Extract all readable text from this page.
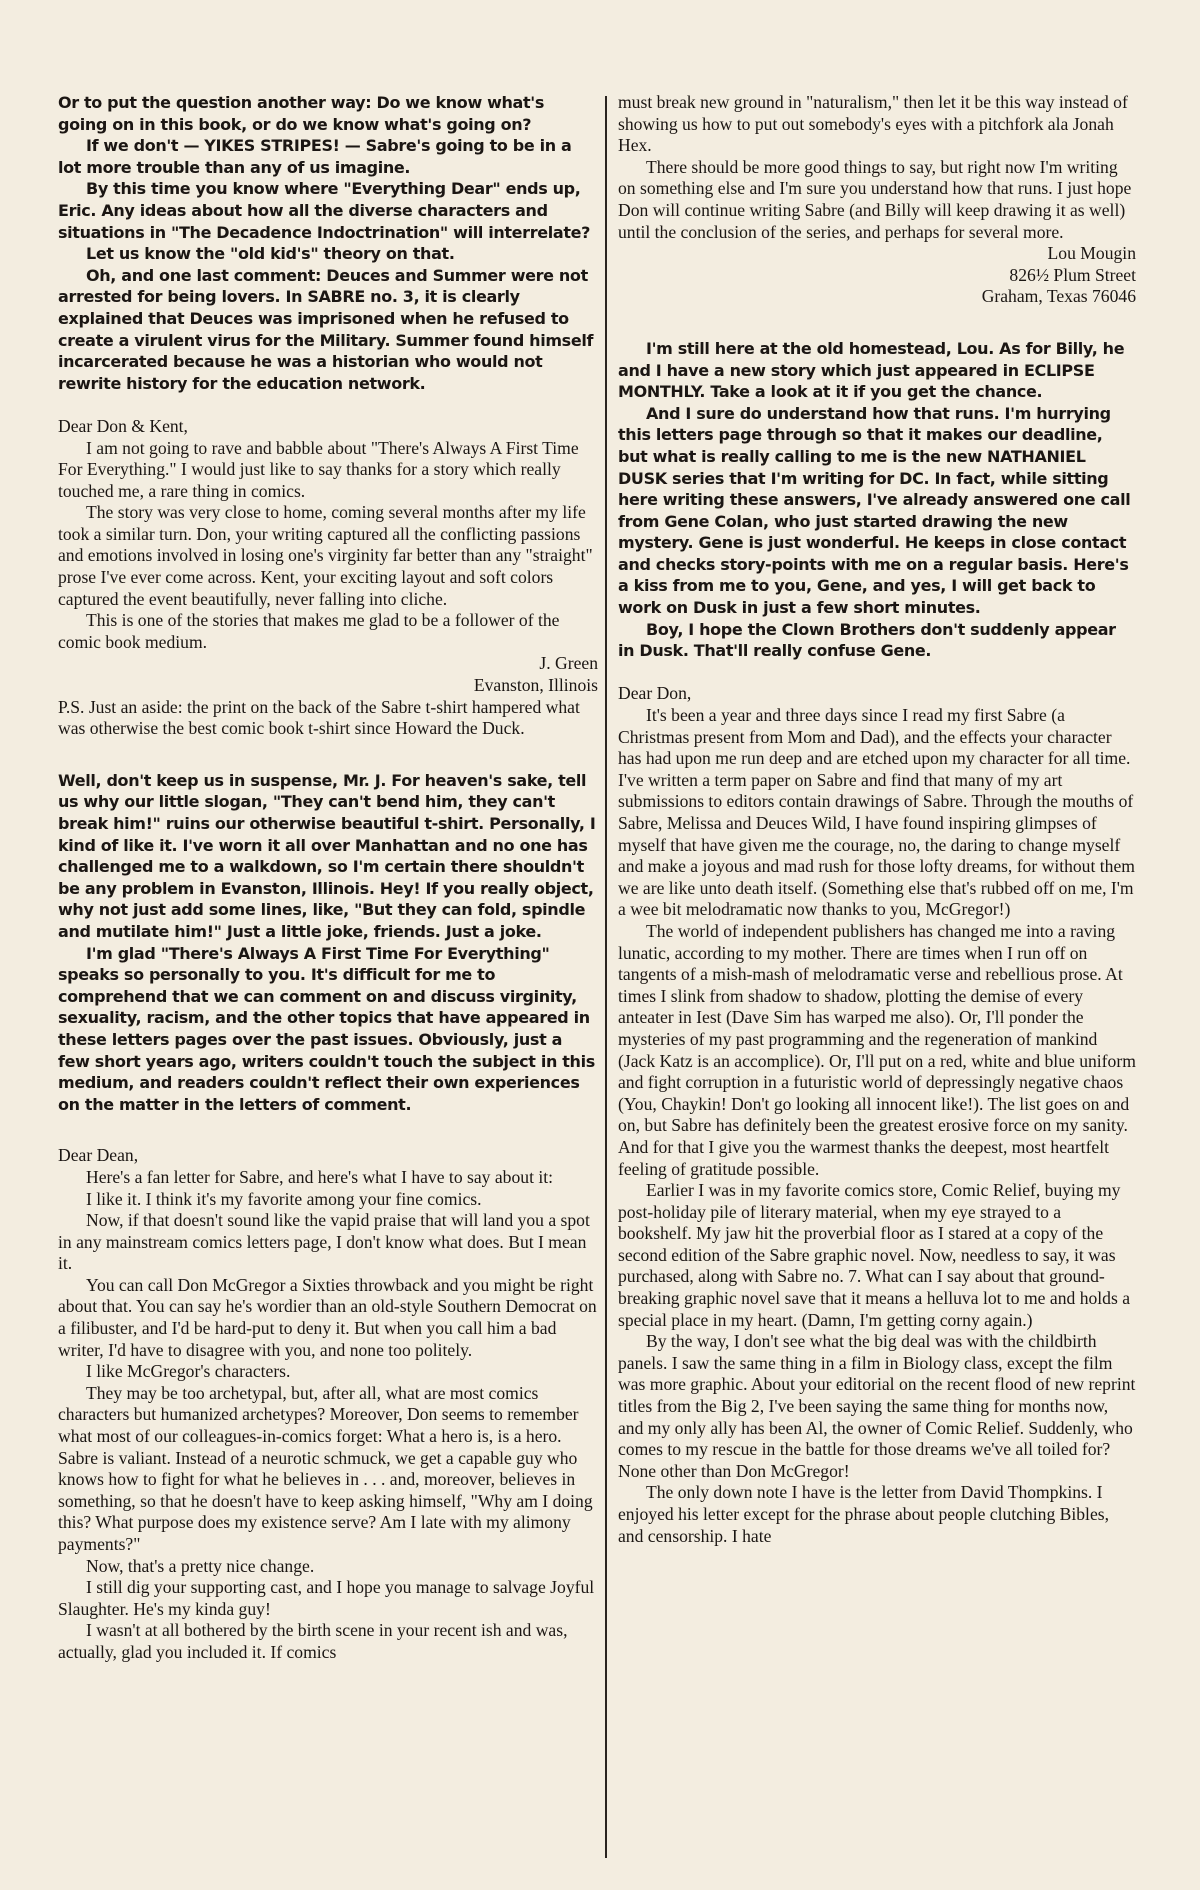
Or to put the question another way: Do we know what's going on in this book, or do we know what's going on?

If we don't — YIKES STRIPES! — Sabre's going to be in a lot more trouble than any of us imagine.

By this time you know where "Everything Dear" ends up, Eric. Any ideas about how all the diverse characters and situations in "The Decadence Indoctrination" will interrelate?

Let us know the "old kid's" theory on that.

Oh, and one last comment: Deuces and Summer were not arrested for being lovers. In SABRE no. 3, it is clearly explained that Deuces was imprisoned when he refused to create a virulent virus for the Military. Summer found himself incarcerated because he was a historian who would not rewrite history for the education network.

Dear Don & Kent,

I am not going to rave and babble about "There's Always A First Time For Everything." I would just like to say thanks for a story which really touched me, a rare thing in comics.

The story was very close to home, coming several months after my life took a similar turn. Don, your writing captured all the conflicting passions and emotions involved in losing one's virginity far better than any "straight" prose I've ever come across. Kent, your exciting layout and soft colors captured the event beautifully, never falling into cliche.

This is one of the stories that makes me glad to be a follower of the comic book medium.

J. Green

Evanston, Illinois

P.S. Just an aside: the print on the back of the Sabre t-shirt hampered what was otherwise the best comic book t-shirt since Howard the Duck.

Well, don't keep us in suspense, Mr. J. For heaven's sake, tell us why our little slogan, "They can't bend him, they can't break him!" ruins our otherwise beautiful t-shirt. Personally, I kind of like it. I've worn it all over Manhattan and no one has challenged me to a walkdown, so I'm certain there shouldn't be any problem in Evanston, Illinois. Hey! If you really object, why not just add some lines, like, "But they can fold, spindle and mutilate him!" Just a little joke, friends. Just a joke.

I'm glad "There's Always A First Time For Everything" speaks so personally to you. It's difficult for me to comprehend that we can comment on and discuss virginity, sexuality, racism, and the other topics that have appeared in these letters pages over the past issues. Obviously, just a few short years ago, writers couldn't touch the subject in this medium, and readers couldn't reflect their own experiences on the matter in the letters of comment.

Dear Dean,

Here's a fan letter for Sabre, and here's what I have to say about it:

I like it. I think it's my favorite among your fine comics.

Now, if that doesn't sound like the vapid praise that will land you a spot in any mainstream comics letters page, I don't know what does. But I mean it.

You can call Don McGregor a Sixties throwback and you might be right about that. You can say he's wordier than an old-style Southern Democrat on a filibuster, and I'd be hard-put to deny it. But when you call him a bad writer, I'd have to disagree with you, and none too politely.

I like McGregor's characters.

They may be too archetypal, but, after all, what are most comics characters but humanized archetypes? Moreover, Don seems to remember what most of our colleagues-in-comics forget: What a hero is, is a hero. Sabre is valiant. Instead of a neurotic schmuck, we get a capable guy who knows how to fight for what he believes in . . . and, moreover, believes in something, so that he doesn't have to keep asking himself, "Why am I doing this? What purpose does my existence serve? Am I late with my alimony payments?"

Now, that's a pretty nice change.

I still dig your supporting cast, and I hope you manage to salvage Joyful Slaughter. He's my kinda guy!

I wasn't at all bothered by the birth scene in your recent ish and was, actually, glad you included it. If comics

must break new ground in "naturalism," then let it be this way instead of showing us how to put out somebody's eyes with a pitchfork ala Jonah Hex.

There should be more good things to say, but right now I'm writing on something else and I'm sure you understand how that runs. I just hope Don will continue writing Sabre (and Billy will keep drawing it as well) until the conclusion of the series, and perhaps for several more.

Lou Mougin

826½ Plum Street

Graham, Texas 76046

I'm still here at the old homestead, Lou. As for Billy, he and I have a new story which just appeared in ECLIPSE MONTHLY. Take a look at it if you get the chance.

And I sure do understand how that runs. I'm hurrying this letters page through so that it makes our deadline, but what is really calling to me is the new NATHANIEL DUSK series that I'm writing for DC. In fact, while sitting here writing these answers, I've already answered one call from Gene Colan, who just started drawing the new mystery. Gene is just wonderful. He keeps in close contact and checks story-points with me on a regular basis. Here's a kiss from me to you, Gene, and yes, I will get back to work on Dusk in just a few short minutes.

Boy, I hope the Clown Brothers don't suddenly appear in Dusk. That'll really confuse Gene.

Dear Don,

It's been a year and three days since I read my first Sabre (a Christmas present from Mom and Dad), and the effects your character has had upon me run deep and are etched upon my character for all time. I've written a term paper on Sabre and find that many of my art submissions to editors contain drawings of Sabre. Through the mouths of Sabre, Melissa and Deuces Wild, I have found inspiring glimpses of myself that have given me the courage, no, the daring to change myself and make a joyous and mad rush for those lofty dreams, for without them we are like unto death itself. (Something else that's rubbed off on me, I'm a wee bit melodramatic now thanks to you, McGregor!)

The world of independent publishers has changed me into a raving lunatic, according to my mother. There are times when I run off on tangents of a mish-mash of melodramatic verse and rebellious prose. At times I slink from shadow to shadow, plotting the demise of every anteater in Iest (Dave Sim has warped me also). Or, I'll ponder the mysteries of my past programming and the regeneration of mankind (Jack Katz is an accomplice). Or, I'll put on a red, white and blue uniform and fight corruption in a futuristic world of depressingly negative chaos (You, Chaykin! Don't go looking all innocent like!). The list goes on and on, but Sabre has definitely been the greatest erosive force on my sanity. And for that I give you the warmest thanks the deepest, most heartfelt feeling of gratitude possible.

Earlier I was in my favorite comics store, Comic Relief, buying my post-holiday pile of literary material, when my eye strayed to a bookshelf. My jaw hit the proverbial floor as I stared at a copy of the second edition of the Sabre graphic novel. Now, needless to say, it was purchased, along with Sabre no. 7. What can I say about that ground-breaking graphic novel save that it means a helluva lot to me and holds a special place in my heart. (Damn, I'm getting corny again.)

By the way, I don't see what the big deal was with the childbirth panels. I saw the same thing in a film in Biology class, except the film was more graphic. About your editorial on the recent flood of new reprint titles from the Big 2, I've been saying the same thing for months now, and my only ally has been Al, the owner of Comic Relief. Suddenly, who comes to my rescue in the battle for those dreams we've all toiled for? None other than Don McGregor!

The only down note I have is the letter from David Thompkins. I enjoyed his letter except for the phrase about people clutching Bibles, and censorship. I hate
